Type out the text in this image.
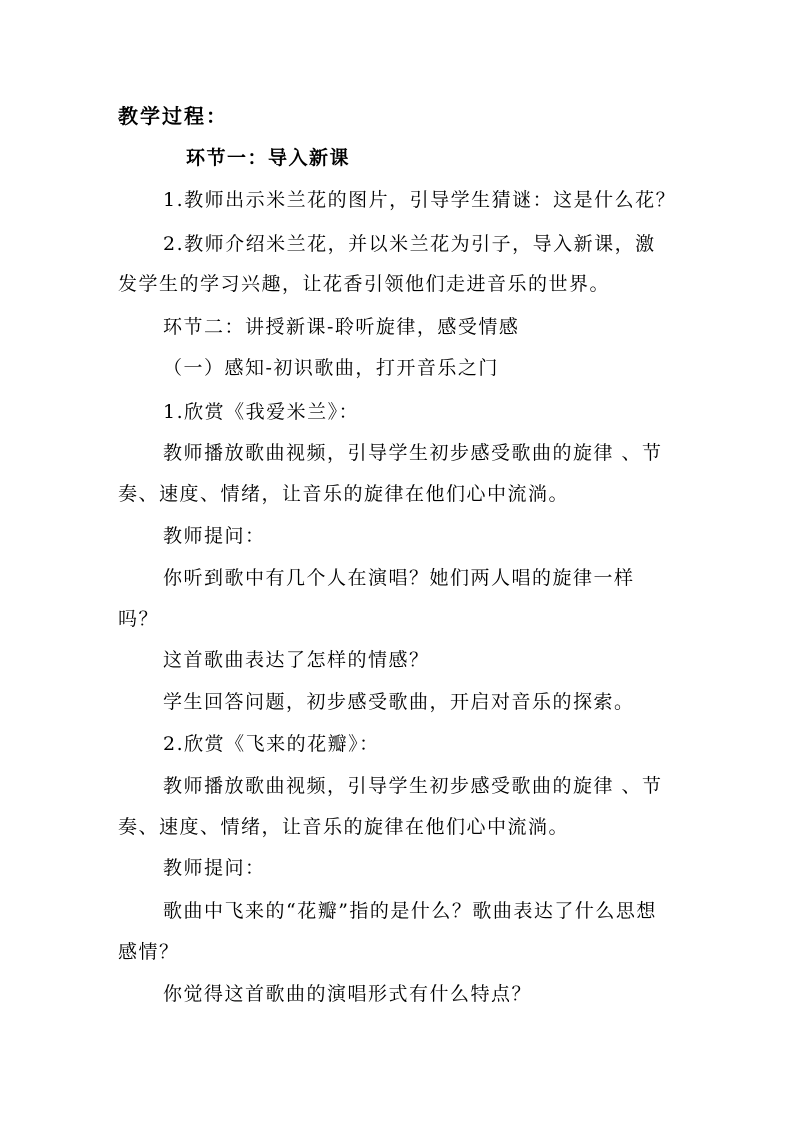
教学过程：
环节一：导入新课
1.教师出示米兰花的图片，引导学生猜谜：这是什么花？
2.教师介绍米兰花，并以米兰花为引子，导入新课，激
发学生的学习兴趣，让花香引领他们走进音乐的世界。
环节二：讲授新课-聆听旋律，感受情感
（一）感知-初识歌曲，打开音乐之门
1.欣赏《我爱米兰》：
教师播放歌曲视频，引导学生初步感受歌曲的旋律 、节
奏、速度、情绪，让音乐的旋律在他们心中流淌。
教师提问：
你听到歌中有几个人在演唱？她们两人唱的旋律一样
吗？
这首歌曲表达了怎样的情感？
学生回答问题，初步感受歌曲，开启对音乐的探索。
2.欣赏《飞来的花瓣》：
教师播放歌曲视频，引导学生初步感受歌曲的旋律 、节
奏、速度、情绪，让音乐的旋律在他们心中流淌。
教师提问：
歌曲中飞来的“花瓣”指的是什么？歌曲表达了什么思想
感情？
你觉得这首歌曲的演唱形式有什么特点？
